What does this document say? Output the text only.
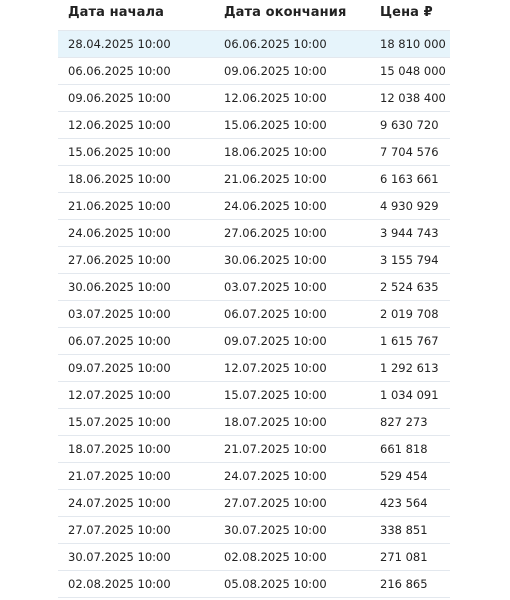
Дата начала	Дата окончания	Цена ₽
28.04.2025 10:00	06.06.2025 10:00	18 810 000
06.06.2025 10:00	09.06.2025 10:00	15 048 000
09.06.2025 10:00	12.06.2025 10:00	12 038 400
12.06.2025 10:00	15.06.2025 10:00	9 630 720
15.06.2025 10:00	18.06.2025 10:00	7 704 576
18.06.2025 10:00	21.06.2025 10:00	6 163 661
21.06.2025 10:00	24.06.2025 10:00	4 930 929
24.06.2025 10:00	27.06.2025 10:00	3 944 743
27.06.2025 10:00	30.06.2025 10:00	3 155 794
30.06.2025 10:00	03.07.2025 10:00	2 524 635
03.07.2025 10:00	06.07.2025 10:00	2 019 708
06.07.2025 10:00	09.07.2025 10:00	1 615 767
09.07.2025 10:00	12.07.2025 10:00	1 292 613
12.07.2025 10:00	15.07.2025 10:00	1 034 091
15.07.2025 10:00	18.07.2025 10:00	827 273
18.07.2025 10:00	21.07.2025 10:00	661 818
21.07.2025 10:00	24.07.2025 10:00	529 454
24.07.2025 10:00	27.07.2025 10:00	423 564
27.07.2025 10:00	30.07.2025 10:00	338 851
30.07.2025 10:00	02.08.2025 10:00	271 081
02.08.2025 10:00	05.08.2025 10:00	216 865
